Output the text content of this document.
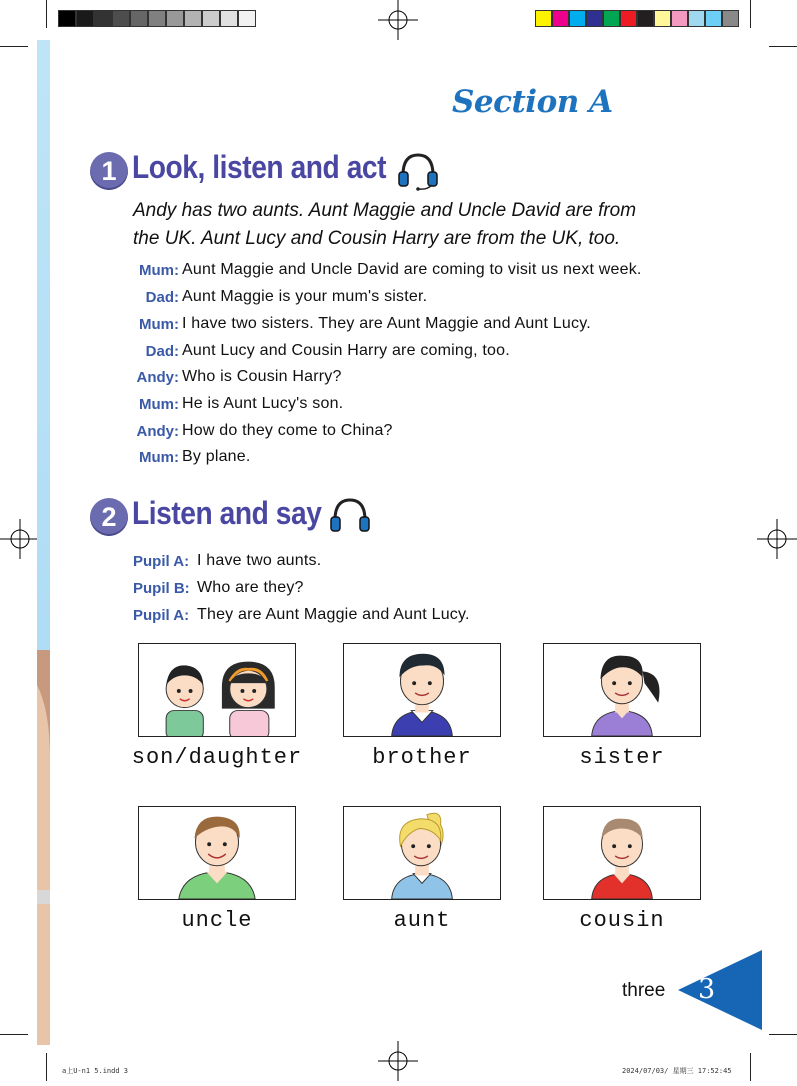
Section A
1 Look, listen and act
Andy has two aunts. Aunt Maggie and Uncle David are from
the UK. Aunt Lucy and Cousin Harry are from the UK, too.
Mum: Aunt Maggie and Uncle David are coming to visit us next week.
Dad: Aunt Maggie is your mum's sister.
Mum: I have two sisters. They are Aunt Maggie and Aunt Lucy.
Dad: Aunt Lucy and Cousin Harry are coming, too.
Andy: Who is Cousin Harry?
Mum: He is Aunt Lucy's son.
Andy: How do they come to China?
Mum: By plane.
2 Listen and say
Pupil A: I have two aunts.
Pupil B: Who are they?
Pupil A: They are Aunt Maggie and Aunt Lucy.
son/daughter	brother	sister
uncle	aunt	cousin
three 3
a上U-n1 5.indd 3	2024/07/03/ 星期三 17:52:45
